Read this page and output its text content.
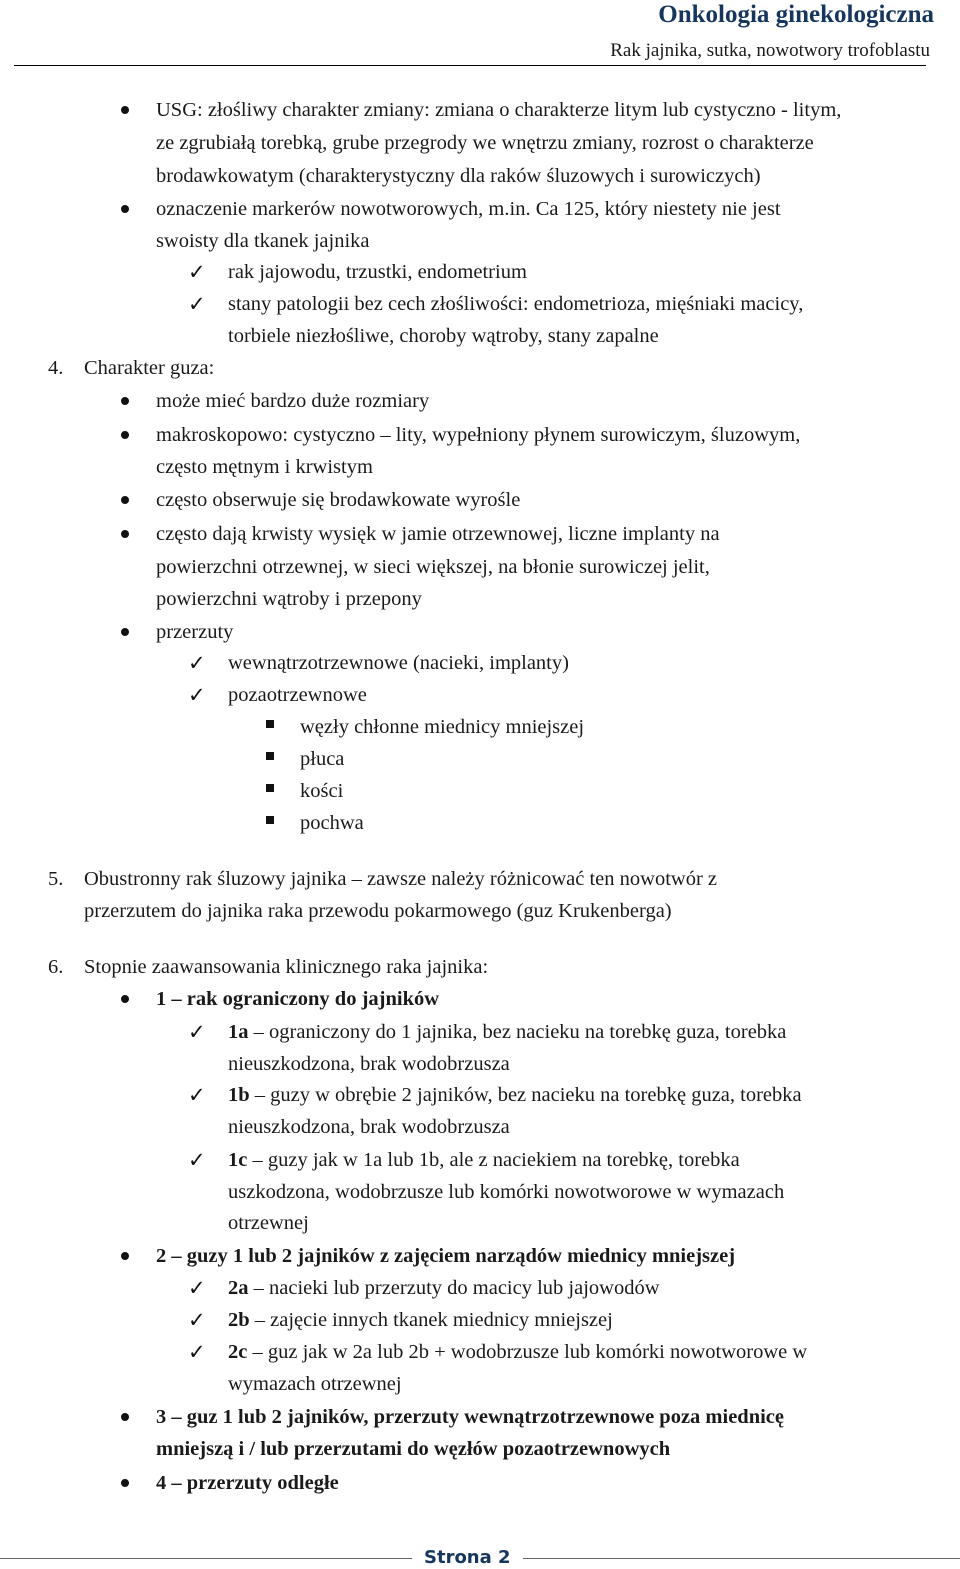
Onkologia ginekologiczna
Rak jajnika, sutka, nowotwory trofoblastu
USG: złośliwy charakter zmiany: zmiana o charakterze litym lub cystyczno - litym,
ze zgrubiałą torebką, grube przegrody we wnętrzu zmiany, rozrost o charakterze
brodawkowatym (charakterystyczny dla raków śluzowych i surowiczych)
oznaczenie markerów nowotworowych, m.in. Ca 125, który niestety nie jest
swoisty dla tkanek jajnika
✓ rak jajowodu, trzustki, endometrium
✓ stany patologii bez cech złośliwości: endometrioza, mięśniaki macicy,
torbiele niezłośliwe, choroby wątroby, stany zapalne
4. Charakter guza:
może mieć bardzo duże rozmiary
makroskopowo: cystyczno – lity, wypełniony płynem surowiczym, śluzowym,
często mętnym i krwistym
często obserwuje się brodawkowate wyrośle
często dają krwisty wysięk w jamie otrzewnowej, liczne implanty na
powierzchni otrzewnej, w sieci większej, na błonie surowiczej jelit,
powierzchni wątroby i przepony
przerzuty
✓ wewnątrzotrzewnowe (nacieki, implanty)
✓ pozaotrzewnowe
węzły chłonne miednicy mniejszej
płuca
kości
pochwa
5. Obustronny rak śluzowy jajnika – zawsze należy różnicować ten nowotwór z
przerzutem do jajnika raka przewodu pokarmowego (guz Krukenberga)
6. Stopnie zaawansowania klinicznego raka jajnika:
1 – rak ograniczony do jajników
✓ 1a – ograniczony do 1 jajnika, bez nacieku na torebkę guza, torebka
nieuszkodzona, brak wodobrzusza
✓ 1b – guzy w obrębie 2 jajników, bez nacieku na torebkę guza, torebka
nieuszkodzona, brak wodobrzusza
✓ 1c – guzy jak w 1a lub 1b, ale z naciekiem na torebkę, torebka
uszkodzona, wodobrzusze lub komórki nowotworowe w wymazach
otrzewnej
2 – guzy 1 lub 2 jajników z zajęciem narządów miednicy mniejszej
✓ 2a – nacieki lub przerzuty do macicy lub jajowodów
✓ 2b – zajęcie innych tkanek miednicy mniejszej
✓ 2c – guz jak w 2a lub 2b + wodobrzusze lub komórki nowotworowe w
wymazach otrzewnej
3 – guz 1 lub 2 jajników, przerzuty wewnątrzotrzewnowe poza miednicę
mniejszą i / lub przerzutami do węzłów pozaotrzewnowych
4 – przerzuty odległe
Strona 2
